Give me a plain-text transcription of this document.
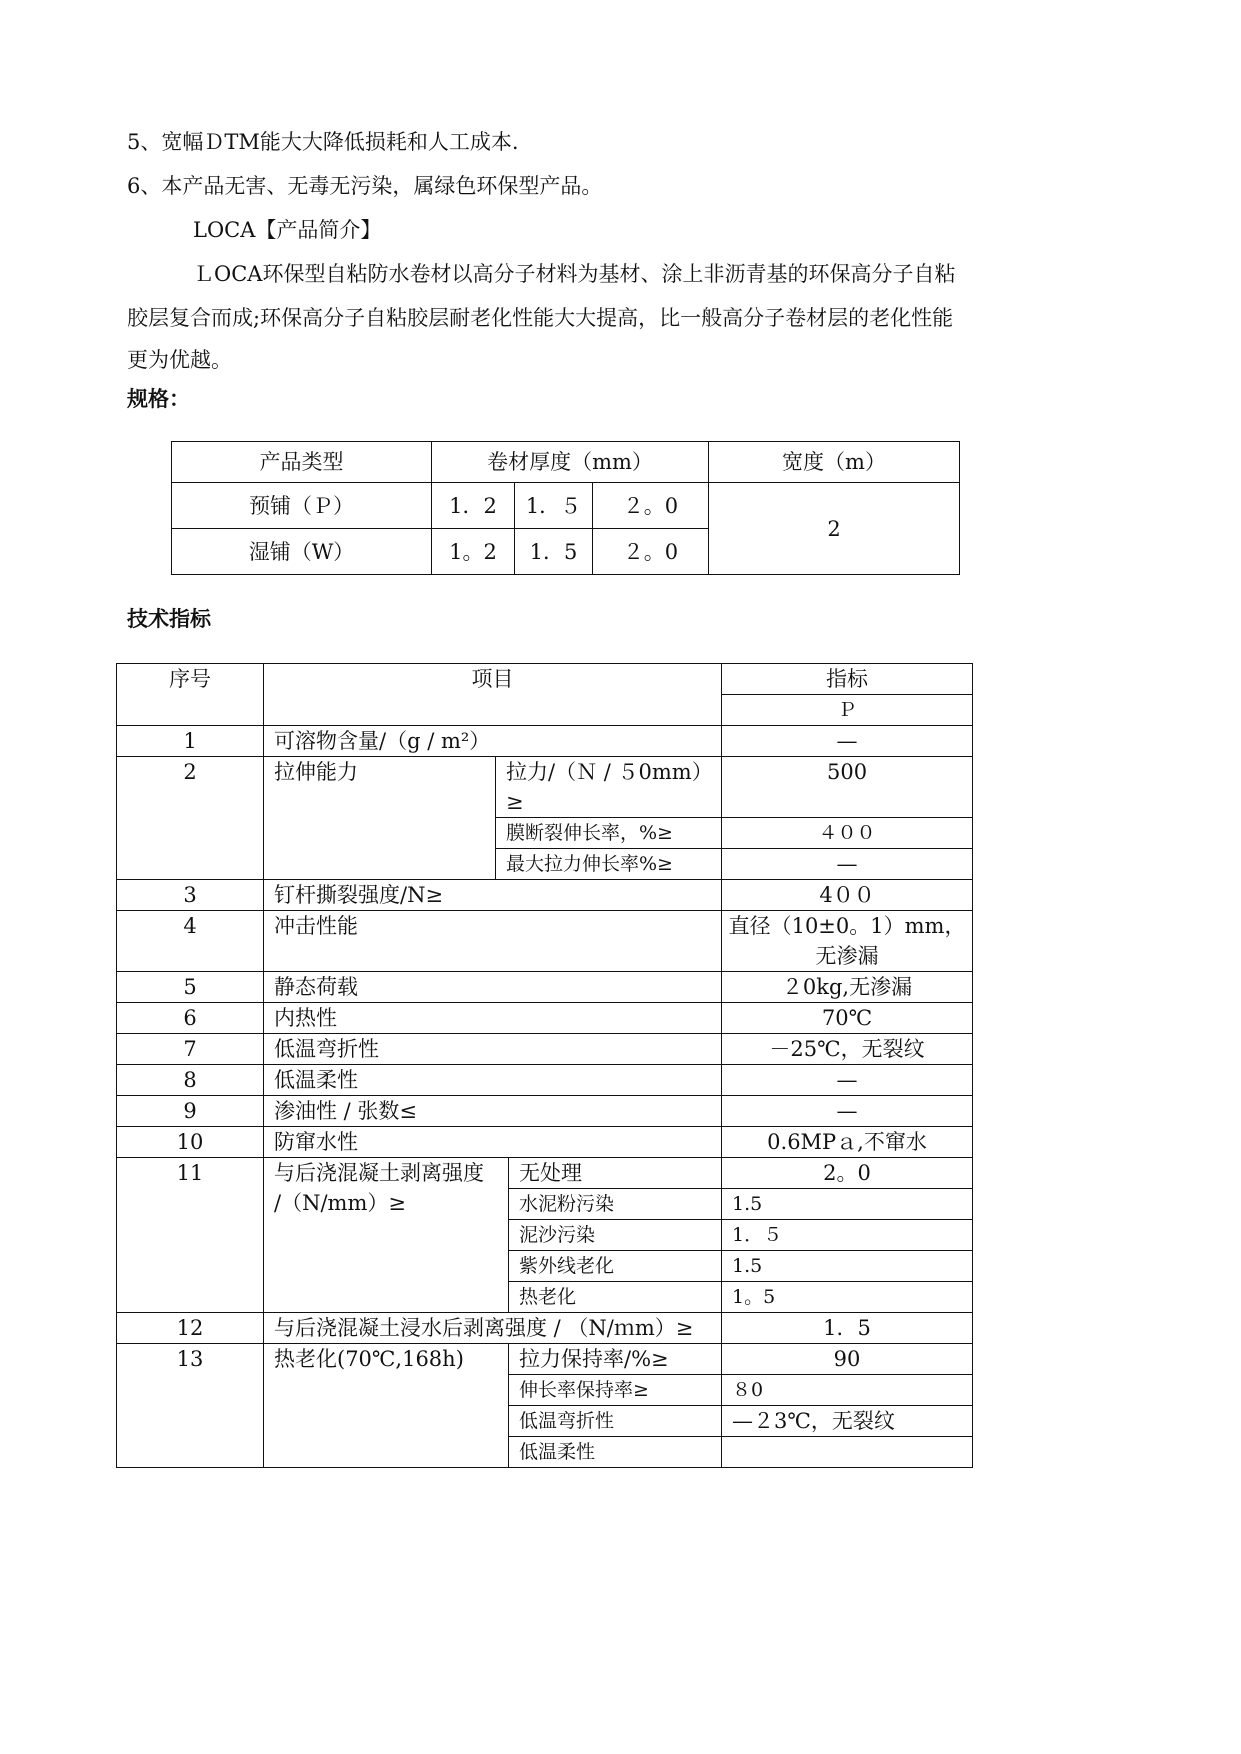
5、宽幅ＤTM能大大降低损耗和人工成本.
6、本产品无害、无毒无污染，属绿色环保型产品。
LOCA【产品简介】
ＬOCA环保型自粘防水卷材以高分子材料为基材、涂上非沥青基的环保高分子自粘
胶层复合而成;环保高分子自粘胶层耐老化性能大大提高，比一般高分子卷材层的老化性能
更为优越。
规格：
产品类型	卷材厚度（mm）			宽度（m）
预铺（Ｐ）	1．2	1．５	２。0	2
湿铺（W）	1。2	1．5	２。0	
技术指标
序号	项目			指标
				Ｐ
1	可溶物含量/（g / m²）			—
2	拉伸能力	拉力/（Ｎ / ５0mm）≥		500
		膜断裂伸长率，%≥		４００
		最大拉力伸长率%≥		—
3	钉杆撕裂强度/N≥			4００
4	冲击性能			直径（10±0。1）mm，
无渗漏

5	静态荷载			２0kg,无渗漏
6	内热性			70℃
7	低温弯折性			－25℃，无裂纹
8	低温柔性			—
9	渗油性 / 张数≤			—
10	防窜水性			0.6MPａ,不窜水
11	与后浇混凝土剥离强度
/（N/mm）≥		无处理	2。0
			水泥粉污染	1.5
			泥沙污染	1．５
			紫外线老化	1.5
			热老化	1。5
12	与后浇混凝土浸水后剥离强度 / （N/ｍm）≥			1．5
13	热老化(70℃,168h)		拉力保持率/%≥	90
			伸长率保持率≥	８0
			低温弯折性	—２3℃，无裂纹
			低温柔性	
